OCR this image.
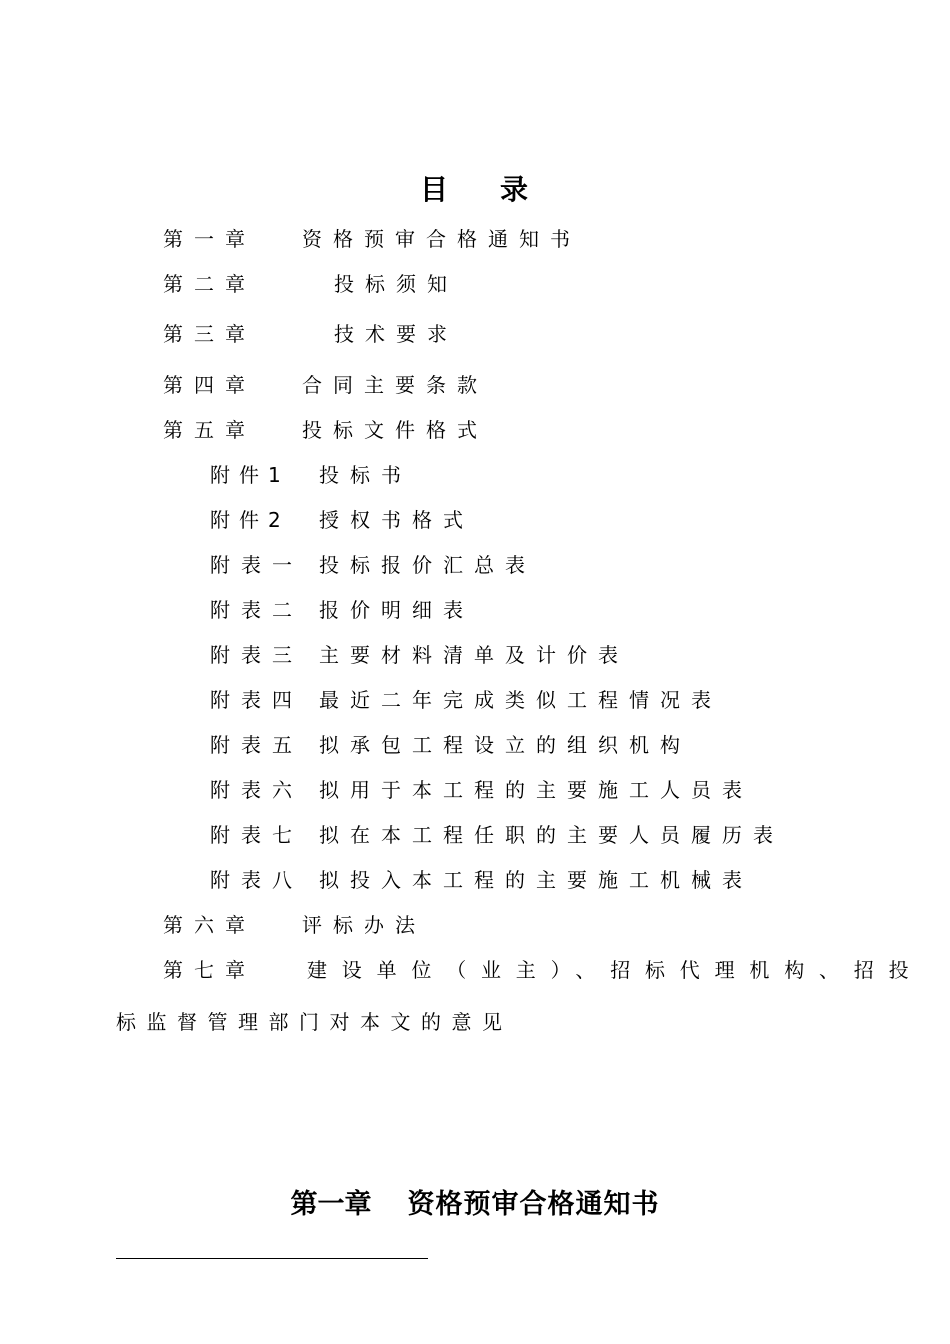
目 录
第一章 资格预审合格通知书
第二章	投标须知
第三章	技术要求
第四章 合同主要条款
第五章 投标文件格式
附件1 投标书
附件2 授权书格式
附表一 投标报价汇总表
附表二 报价明细表
附表三 主要材料清单及计价表
附表四 最近二年完成类似工程情况表
附表五 拟承包工程设立的组织机构
附表六 拟用于本工程的主要施工人员表
附表七 拟在本工程任职的主要人员履历表
附表八 拟投入本工程的主要施工机械表
第六章 评标办法
第七章	建设单位（业主）、招标代理机构、招投
标监督管理部门对本文的意见
第一章 资格预审合格通知书
